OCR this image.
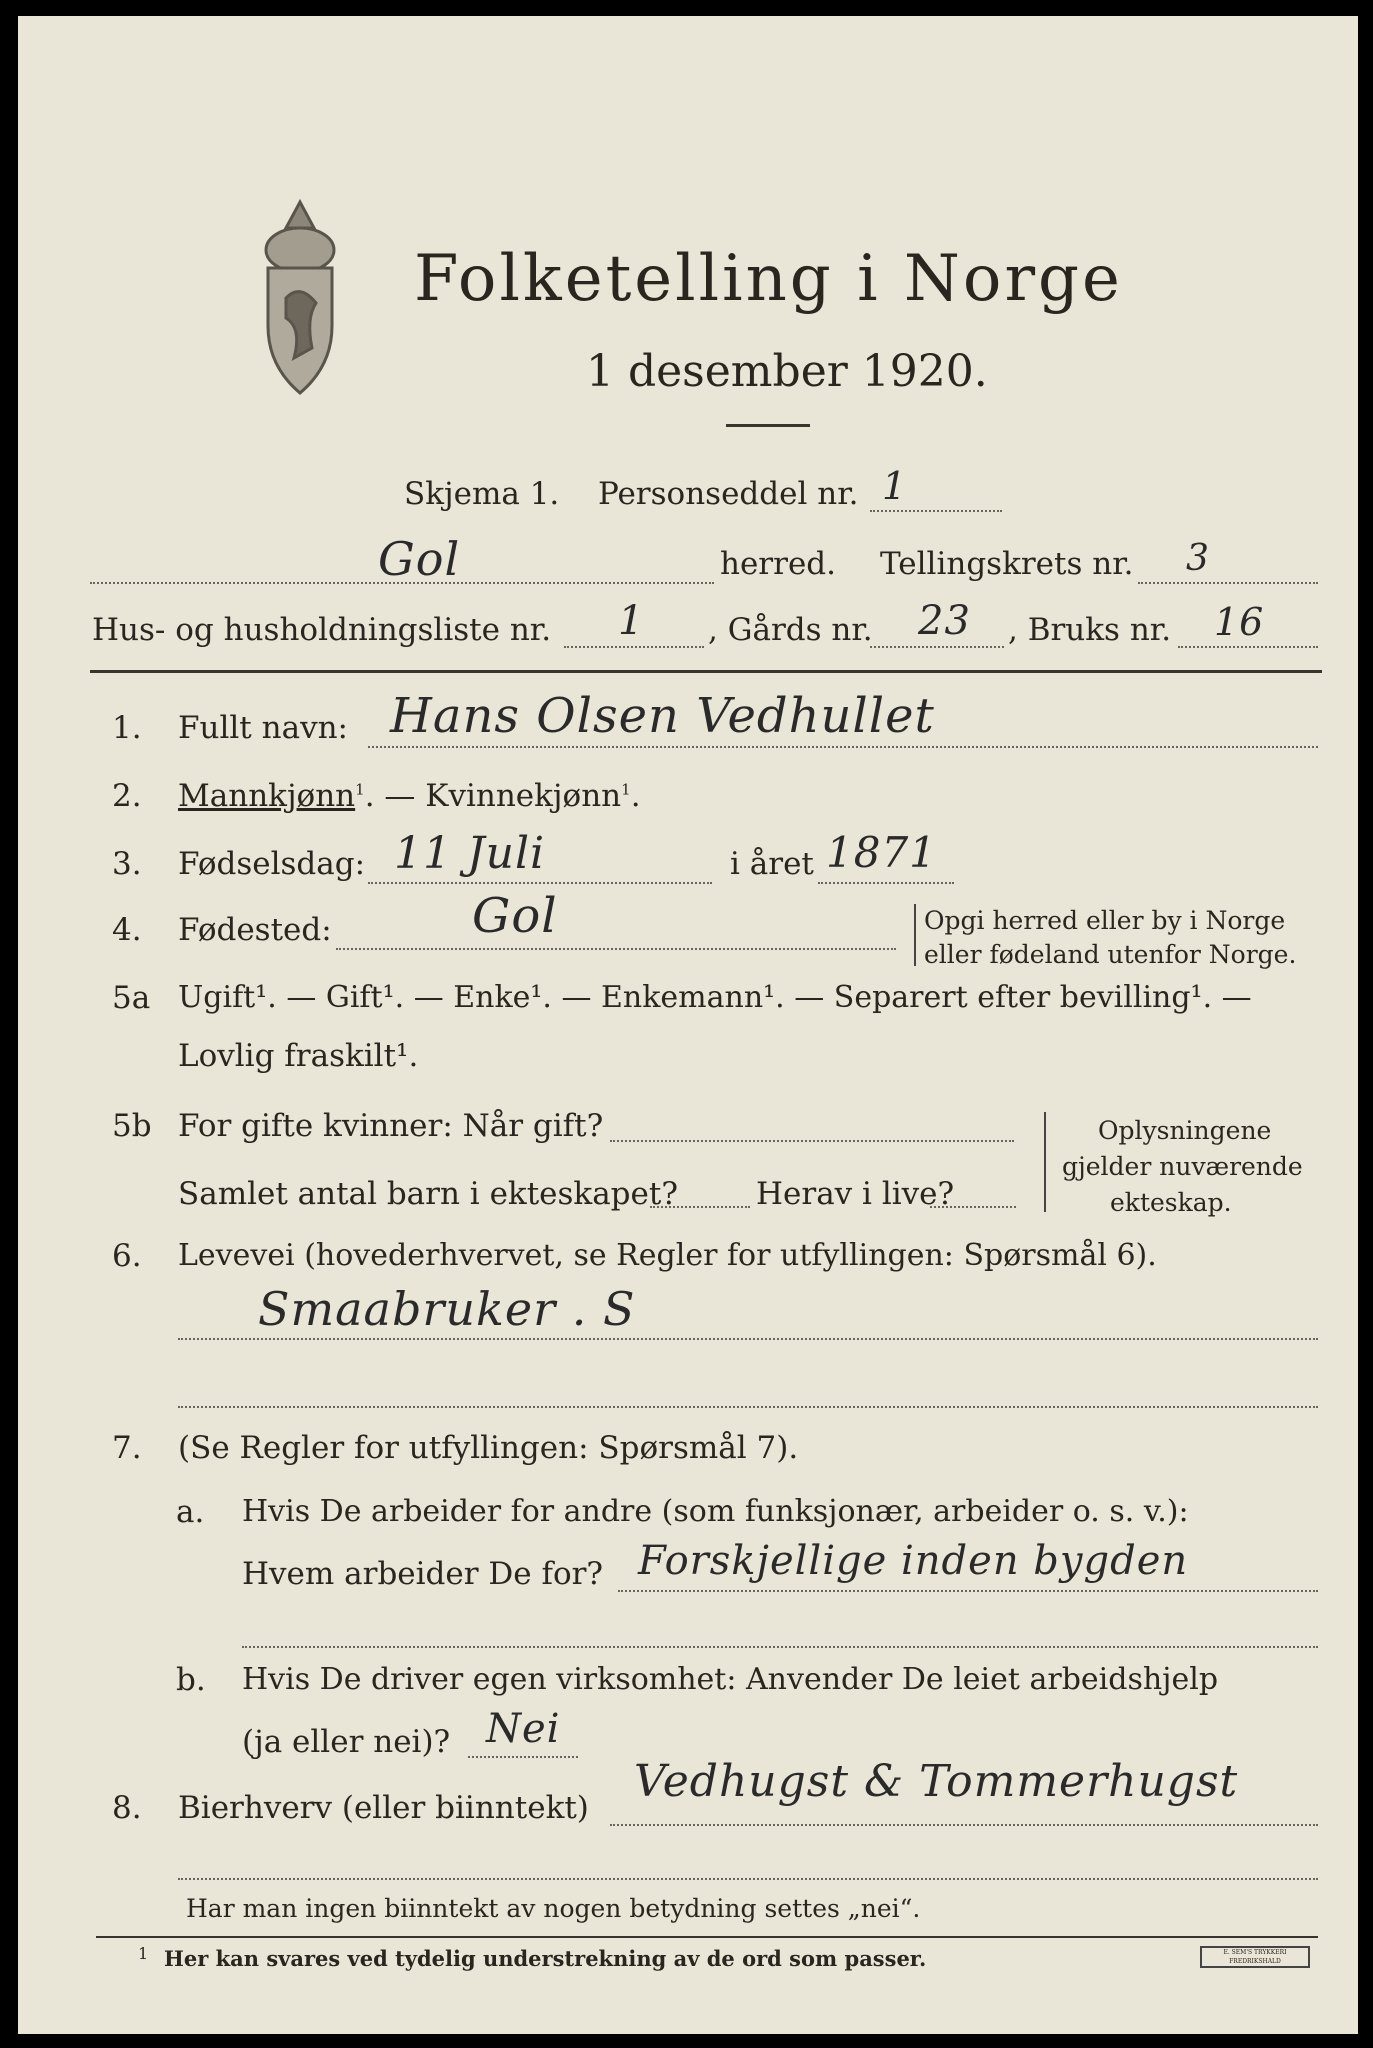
Folketelling i Norge
1 desember 1920.
Skjema 1. Personseddel nr. 1
Gol	herred. Tellingskrets nr. 3
Hus- og husholdningsliste nr. 1 , Gårds nr. 23 , Bruks nr. 16
1. Fullt navn: Hans Olsen Vedhullet
2. Mannkjønn$^1$. — Kvinnekjønn$^1$.
3. Fødselsdag: 11 Juli	i året 1871
4. Fødested:	Gol	Opgi herred eller by i Norge
eller fødeland utenfor Norge.
5a Ugift¹. — Gift¹. — Enke¹. — Enkemann¹. — Separert efter bevilling¹. —
Lovlig fraskilt¹.
5b For gifte kvinner: Når gift?
Samlet antal barn i ekteskapet?	Herav i live?
Oplysningene
gjelder nuværende
ekteskap.
6. Levevei (hovederhvervet, se Regler for utfyllingen: Spørsmål 6).
Smaabruker . S
7. (Se Regler for utfyllingen: Spørsmål 7).
a. Hvis De arbeider for andre (som funksjonær, arbeider o. s. v.):
Hvem arbeider De for? Forskjellige inden bygden
b. Hvis De driver egen virksomhet: Anvender De leiet arbeidshjelp
(ja eller nei)? Nei
8. Bierhverv (eller biinntekt)
Vedhugst & Tommerhugst
Har man ingen biinntekt av nogen betydning settes „nei“.
1 Her kan svares ved tydelig understrekning av de ord som passer.	E. SEM'S TRYKKERI FREDRIKSHALD
